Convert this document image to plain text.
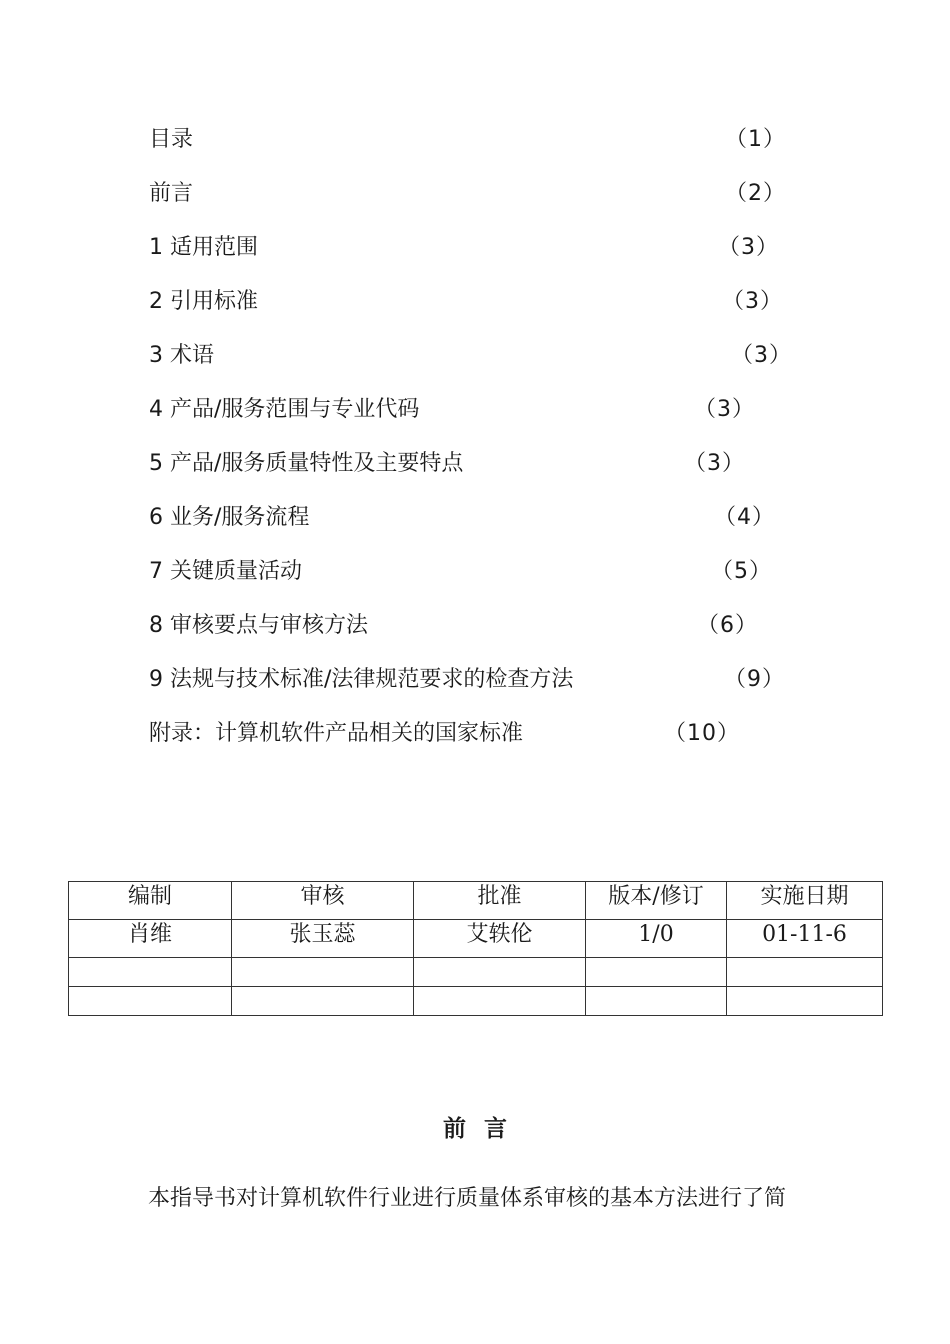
目录	（1）
前言	（2）
1 适用范围	（3）
2 引用标准	（3）
3 术语	（3）
4 产品/服务范围与专业代码	（3）
5 产品/服务质量特性及主要特点	（3）
6 业务/服务流程	（4）
7 关键质量活动	（5）
8 审核要点与审核方法	（6）
9 法规与技术标准/法律规范要求的检查方法	（9）
附录：计算机软件产品相关的国家标准	（10）
编制	审核	批准	版本/修订	实施日期
肖维	张玉蕊	艾轶伦	1/0	01-11-6

前言
本指导书对计算机软件行业进行质量体系审核的基本方法进行了简
